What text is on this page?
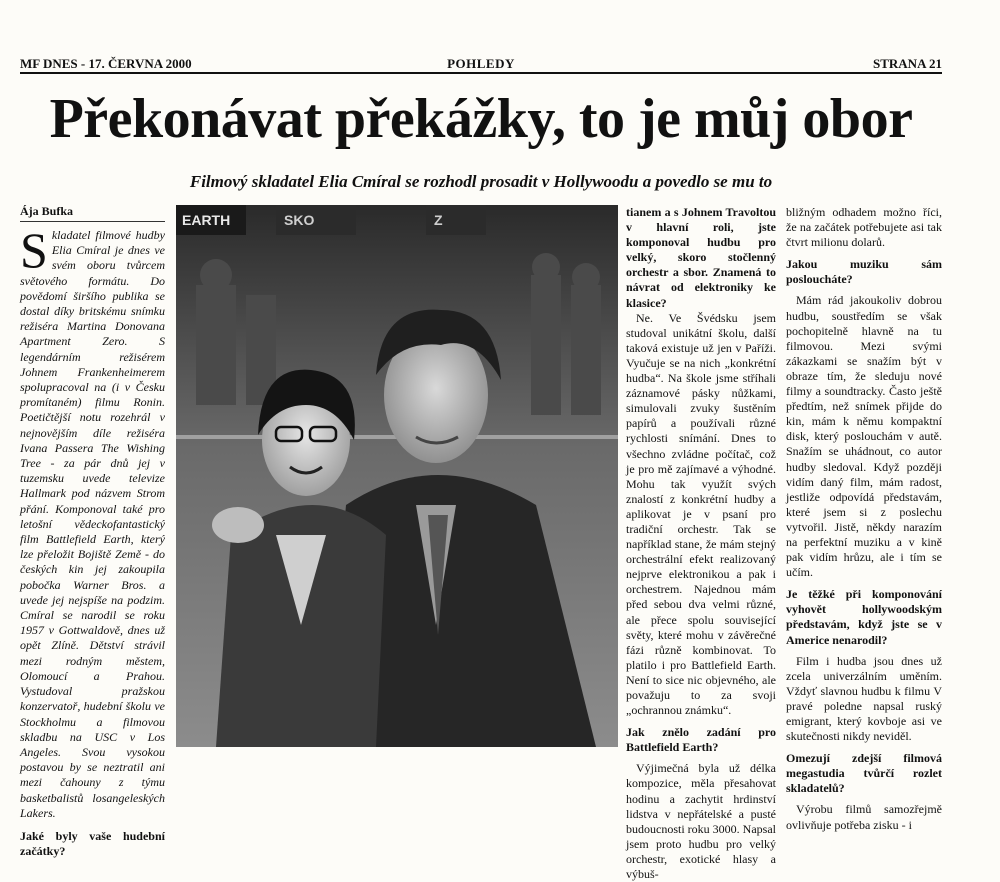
MF DNES - 17. ČERVNA 2000	POHLEDY	STRANA 21
Překonávat překážky, to je můj obor
Filmový skladatel Elia Cmíral se rozhodl prosadit v Hollywoodu a povedlo se mu to
Ája Bufka
Skladatel filmové hudby Elia Cmíral je dnes ve svém oboru tvůrcem světového formátu. Do povědomí širšího publika se dostal díky britskému snímku režiséra Martina Donovana Apartment Zero. S legendárním režisérem Johnem Frankenheimerem spolupracoval na (i v Česku promítaném) filmu Ronin. Poetičtější notu rozehrál v nejnovějším díle režiséra Ivana Passera The Wishing Tree - za pár dnů jej v tuzemsku uvede televize Hallmark pod názvem Strom přání. Komponoval také pro letošní vědeckofantastický film Battlefield Earth, který lze přeložit Bojiště Země - do českých kin jej zakoupila pobočka Warner Bros. a uvede jej nejspíše na podzim. Cmíral se narodil se roku 1957 v Gottwaldově, dnes už opět Zlíně. Dětství strávil mezi rodným městem, Olomoucí a Prahou. Vystudoval pražskou konzervatoř, hudební školu ve Stockholmu a filmovou skladbu na USC v Los Angeles. Svou vysokou postavou by se neztratil ani mezi čahouny z týmu basketbalistů losangeleských Lakers.
Jaké byly vaše hudební začátky?
EARTH	SKO	Z	tianem a s Johnem Travoltou v hlavní roli, jste komponoval hudbu pro velký, skoro stočlenný orchestr a sbor. Znamená to návrat od elektroniky ke klasice?
Ne. Ve Švédsku jsem studoval unikátní školu, další taková existuje už jen v Paříži. Vyučuje se na nich „konkrétní hudba“. Na škole jsme stříhali záznamové pásky nůžkami, simulovali zvuky šustěním papírů a používali různé rychlosti snímání. Dnes to všechno zvládne počítač, což je pro mě zajímavé a výhodné. Mohu tak využít svých znalostí z konkrétní hudby a aplikovat je v psaní pro tradiční orchestr. Tak se například stane, že mám stejný orchestrální efekt realizovaný nejprve elektronikou a pak i orchestrem. Najednou mám před sebou dva velmi různé, ale přece spolu související světy, které mohu v závěrečné fázi různě kombinovat. To platilo i pro Battlefield Earth. Není to sice nic objevného, ale považuju to za svoji „ochrannou známku“.
Jak znělo zadání pro Battlefield Earth?
Výjimečná byla už délka kompozice, měla přesahovat hodinu a zachytit hrdinství lidstva v nepřátelské a pusté budoucnosti roku 3000. Napsal jsem proto hudbu pro velký orchestr, exotické hlasy a výbuš-
bližným odhadem možno říci, že na začátek potřebujete asi tak čtvrt milionu dolarů.
Jakou muziku sám posloucháte?
Mám rád jakoukoliv dobrou hudbu, soustředím se však pochopitelně hlavně na tu filmovou. Mezi svými zákazkami se snažím být v obraze tím, že sleduju nové filmy a soundtracky. Často ještě předtím, než snímek přijde do kin, mám k němu kompaktní disk, který poslouchám v autě. Snažím se uhádnout, co autor hudby sledoval. Když později vidím daný film, mám radost, jestliže odpovídá představám, které jsem si z poslechu vytvořil. Jistě, někdy narazím na perfektní muziku a v kině pak vidím hrůzu, ale i tím se učím.
Je těžké při komponování vyhovět hollywoodským představám, když jste se v Americe nenarodil?
Film i hudba jsou dnes už zcela univerzálním uměním. Vždyť slavnou hudbu k filmu V pravé poledne napsal ruský emigrant, který kovboje asi ve skutečnosti nikdy neviděl.
Omezují zdejší filmová megastudia tvůrčí rozlet skladatelů?
Výrobu filmů samozřejmě ovlivňuje potřeba zisku - i
